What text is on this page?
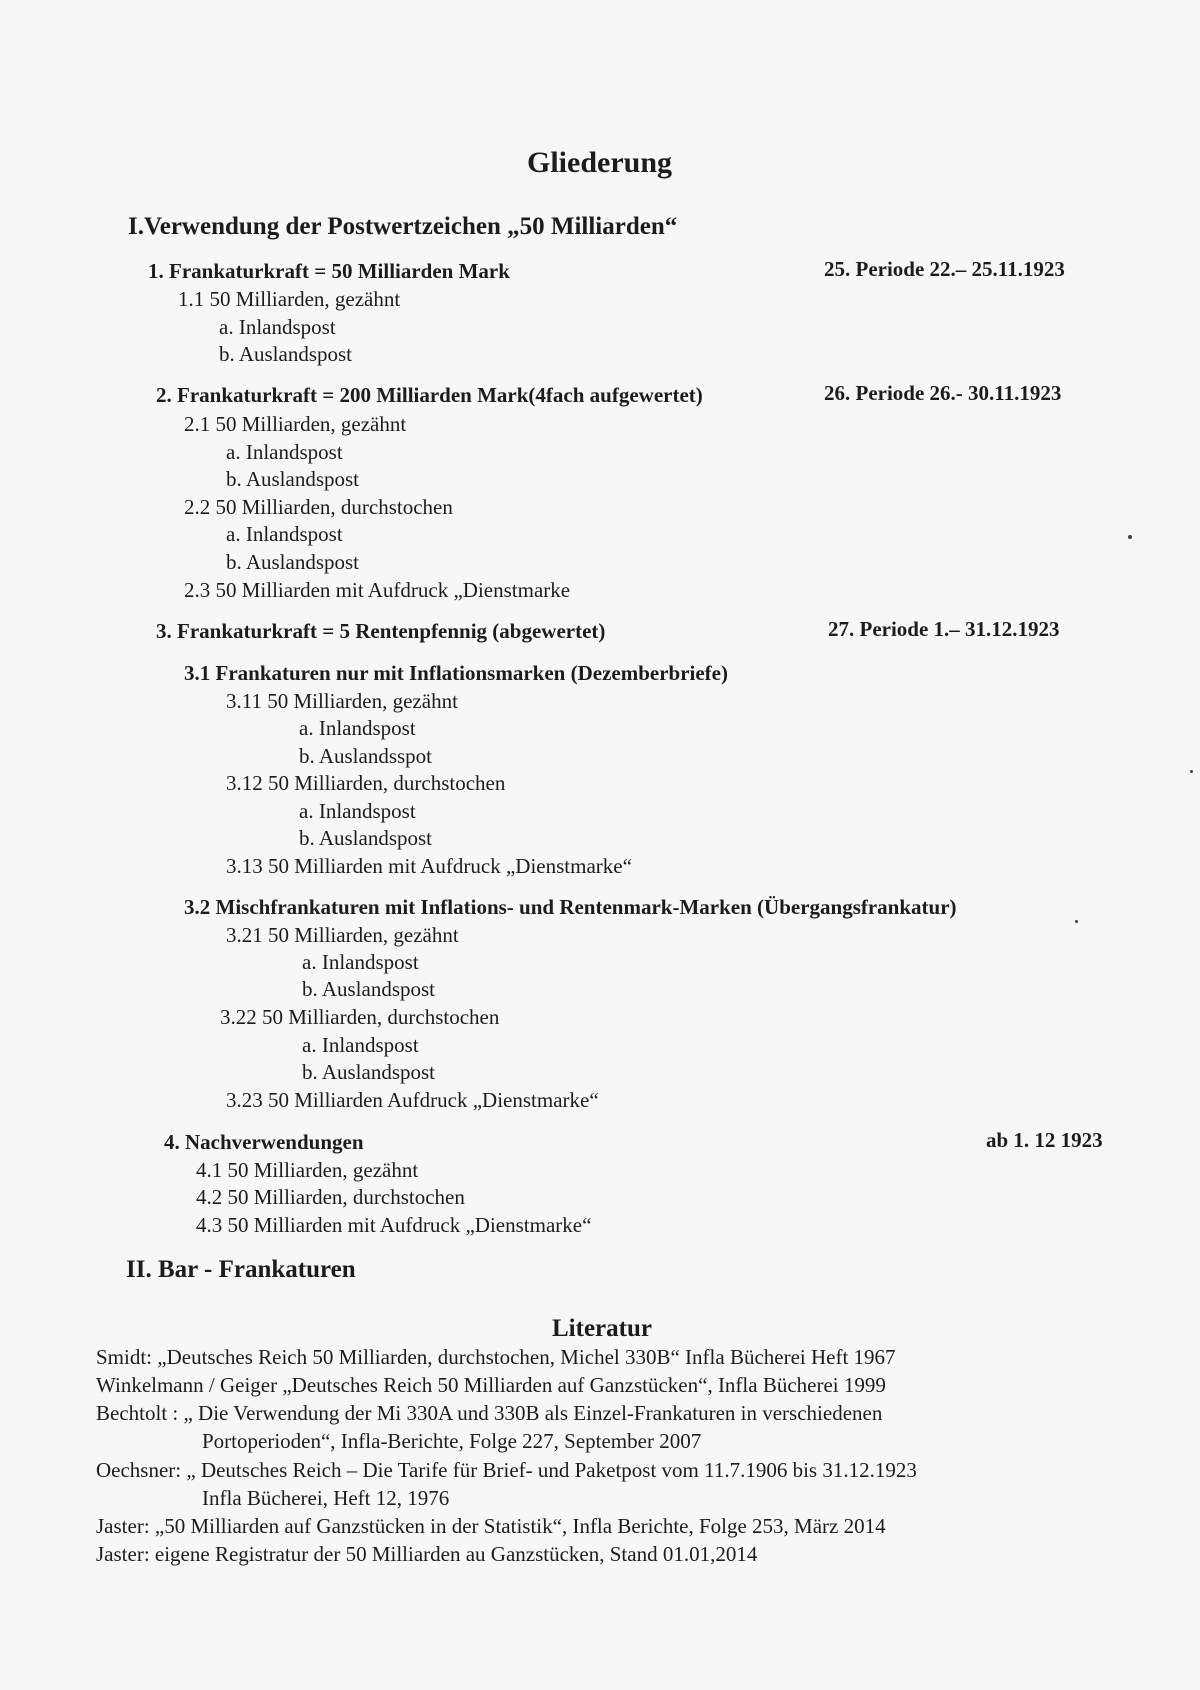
Gliederung
I.Verwendung der Postwertzeichen „50 Milliarden“
1. Frankaturkraft = 50 Milliarden Mark	25. Periode 22.– 25.11.1923
1.1 50 Milliarden, gezähnt
a. Inlandspost
b. Auslandspost
2. Frankaturkraft = 200 Milliarden Mark(4fach aufgewertet)	26. Periode 26.- 30.11.1923
2.1 50 Milliarden, gezähnt
a. Inlandspost
b. Auslandspost
2.2 50 Milliarden, durchstochen
a. Inlandspost
b. Auslandspost
2.3 50 Milliarden mit Aufdruck „Dienstmarke
3. Frankaturkraft = 5 Rentenpfennig (abgewertet)	27. Periode 1.– 31.12.1923
3.1 Frankaturen nur mit Inflationsmarken (Dezemberbriefe)
3.11 50 Milliarden, gezähnt
a. Inlandspost
b. Auslandsspot
3.12 50 Milliarden, durchstochen
a. Inlandspost
b. Auslandspost
3.13 50 Milliarden mit Aufdruck „Dienstmarke“
3.2 Mischfrankaturen mit Inflations- und Rentenmark-Marken (Übergangsfrankatur)
3.21 50 Milliarden, gezähnt
a. Inlandspost
b. Auslandspost
3.22 50 Milliarden, durchstochen
a. Inlandspost
b. Auslandspost
3.23 50 Milliarden Aufdruck „Dienstmarke“
4. Nachverwendungen	ab 1. 12 1923
4.1 50 Milliarden, gezähnt
4.2 50 Milliarden, durchstochen
4.3 50 Milliarden mit Aufdruck „Dienstmarke“
II. Bar - Frankaturen
Literatur
Smidt: „Deutsches Reich 50 Milliarden, durchstochen, Michel 330B“ Infla Bücherei Heft 1967
Winkelmann / Geiger „Deutsches Reich 50 Milliarden auf Ganzstücken“, Infla Bücherei 1999
Bechtolt : „ Die Verwendung der Mi 330A und 330B als Einzel-Frankaturen in verschiedenen
Portoperioden“, Infla-Berichte, Folge 227, September 2007
Oechsner: „ Deutsches Reich – Die Tarife für Brief- und Paketpost vom 11.7.1906 bis 31.12.1923
Infla Bücherei, Heft 12, 1976
Jaster: „50 Milliarden auf Ganzstücken in der Statistik“, Infla Berichte, Folge 253, März 2014
Jaster: eigene Registratur der 50 Milliarden au Ganzstücken, Stand 01.01,2014
